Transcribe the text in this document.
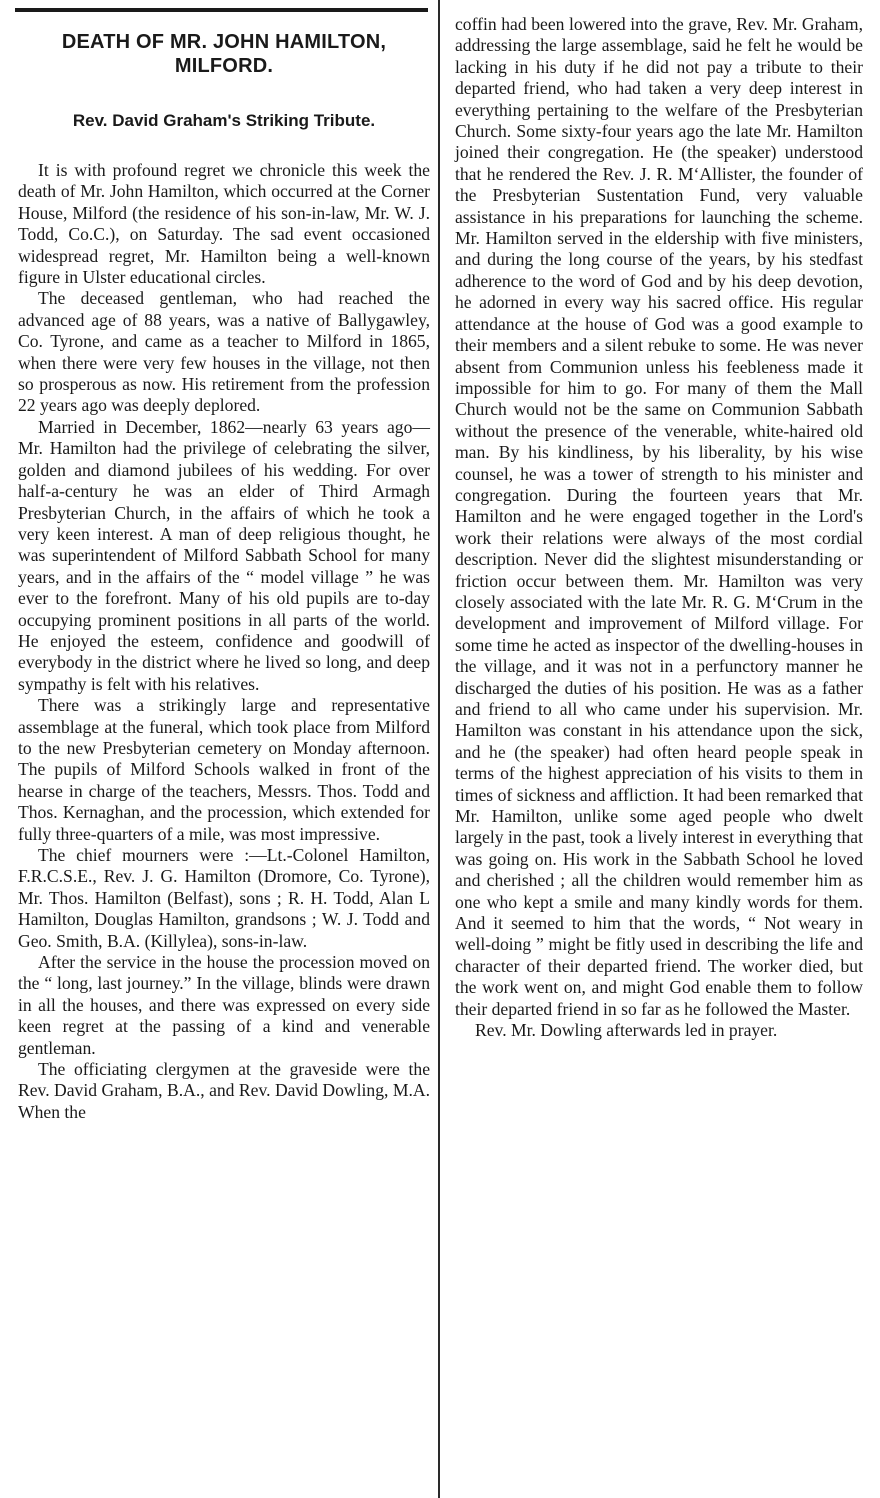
DEATH OF MR. JOHN HAMILTON, MILFORD.
Rev. David Graham's Striking Tribute.

It is with profound regret we chronicle this week the death of Mr. John Hamilton, which occurred at the Corner House, Milford (the residence of his son-in-law, Mr. W. J. Todd, Co.C.), on Saturday. The sad event occasioned widespread regret, Mr. Hamilton being a well-known figure in Ulster educational circles.

The deceased gentleman, who had reached the advanced age of 88 years, was a native of Ballygawley, Co. Tyrone, and came as a teacher to Milford in 1865, when there were very few houses in the village, not then so prosperous as now. His retirement from the profession 22 years ago was deeply deplored.

Married in December, 1862—nearly 63 years ago—Mr. Hamilton had the privilege of celebrating the silver, golden and diamond jubilees of his wedding. For over half-a-century he was an elder of Third Armagh Presbyterian Church, in the affairs of which he took a very keen interest. A man of deep religious thought, he was superintendent of Milford Sabbath School for many years, and in the affairs of the “ model village ” he was ever to the forefront. Many of his old pupils are to-day occupying prominent positions in all parts of the world. He enjoyed the esteem, confidence and goodwill of everybody in the district where he lived so long, and deep sympathy is felt with his relatives.

There was a strikingly large and representative assemblage at the funeral, which took place from Milford to the new Presbyterian cemetery on Monday afternoon. The pupils of Milford Schools walked in front of the hearse in charge of the teachers, Messrs. Thos. Todd and Thos. Kernaghan, and the procession, which extended for fully three-quarters of a mile, was most impressive.

The chief mourners were :—Lt.-Colonel Hamilton, F.R.C.S.E., Rev. J. G. Hamilton (Dromore, Co. Tyrone), Mr. Thos. Hamilton (Belfast), sons ; R. H. Todd, Alan L Hamilton, Douglas Hamilton, grandsons ; W. J. Todd and Geo. Smith, B.A. (Killylea), sons-in-law.

After the service in the house the procession moved on the “ long, last journey.” In the village, blinds were drawn in all the houses, and there was expressed on every side keen regret at the passing of a kind and venerable gentleman.

The officiating clergymen at the graveside were the Rev. David Graham, B.A., and Rev. David Dowling, M.A. When the

coffin had been lowered into the grave, Rev. Mr. Graham, addressing the large assemblage, said he felt he would be lacking in his duty if he did not pay a tribute to their departed friend, who had taken a very deep interest in everything pertaining to the welfare of the Presbyterian Church. Some sixty-four years ago the late Mr. Hamilton joined their congregation. He (the speaker) understood that he rendered the Rev. J. R. M‘Allister, the founder of the Presbyterian Sustentation Fund, very valuable assistance in his preparations for launching the scheme. Mr. Hamilton served in the eldership with five ministers, and during the long course of the years, by his stedfast adherence to the word of God and by his deep devotion, he adorned in every way his sacred office. His regular attendance at the house of God was a good example to their members and a silent rebuke to some. He was never absent from Communion unless his feebleness made it impossible for him to go. For many of them the Mall Church would not be the same on Communion Sabbath without the presence of the venerable, white-haired old man. By his kindliness, by his liberality, by his wise counsel, he was a tower of strength to his minister and congregation. During the fourteen years that Mr. Hamilton and he were engaged together in the Lord's work their relations were always of the most cordial description. Never did the slightest misunderstanding or friction occur between them. Mr. Hamilton was very closely associated with the late Mr. R. G. M‘Crum in the development and improvement of Milford village. For some time he acted as inspector of the dwelling-houses in the village, and it was not in a perfunctory manner he discharged the duties of his position. He was as a father and friend to all who came under his supervision. Mr. Hamilton was constant in his attendance upon the sick, and he (the speaker) had often heard people speak in terms of the highest appreciation of his visits to them in times of sickness and affliction. It had been remarked that Mr. Hamilton, unlike some aged people who dwelt largely in the past, took a lively interest in everything that was going on. His work in the Sabbath School he loved and cherished ; all the children would remember him as one who kept a smile and many kindly words for them. And it seemed to him that the words, “ Not weary in well-doing ” might be fitly used in describing the life and character of their departed friend. The worker died, but the work went on, and might God enable them to follow their departed friend in so far as he followed the Master.

Rev. Mr. Dowling afterwards led in prayer.
